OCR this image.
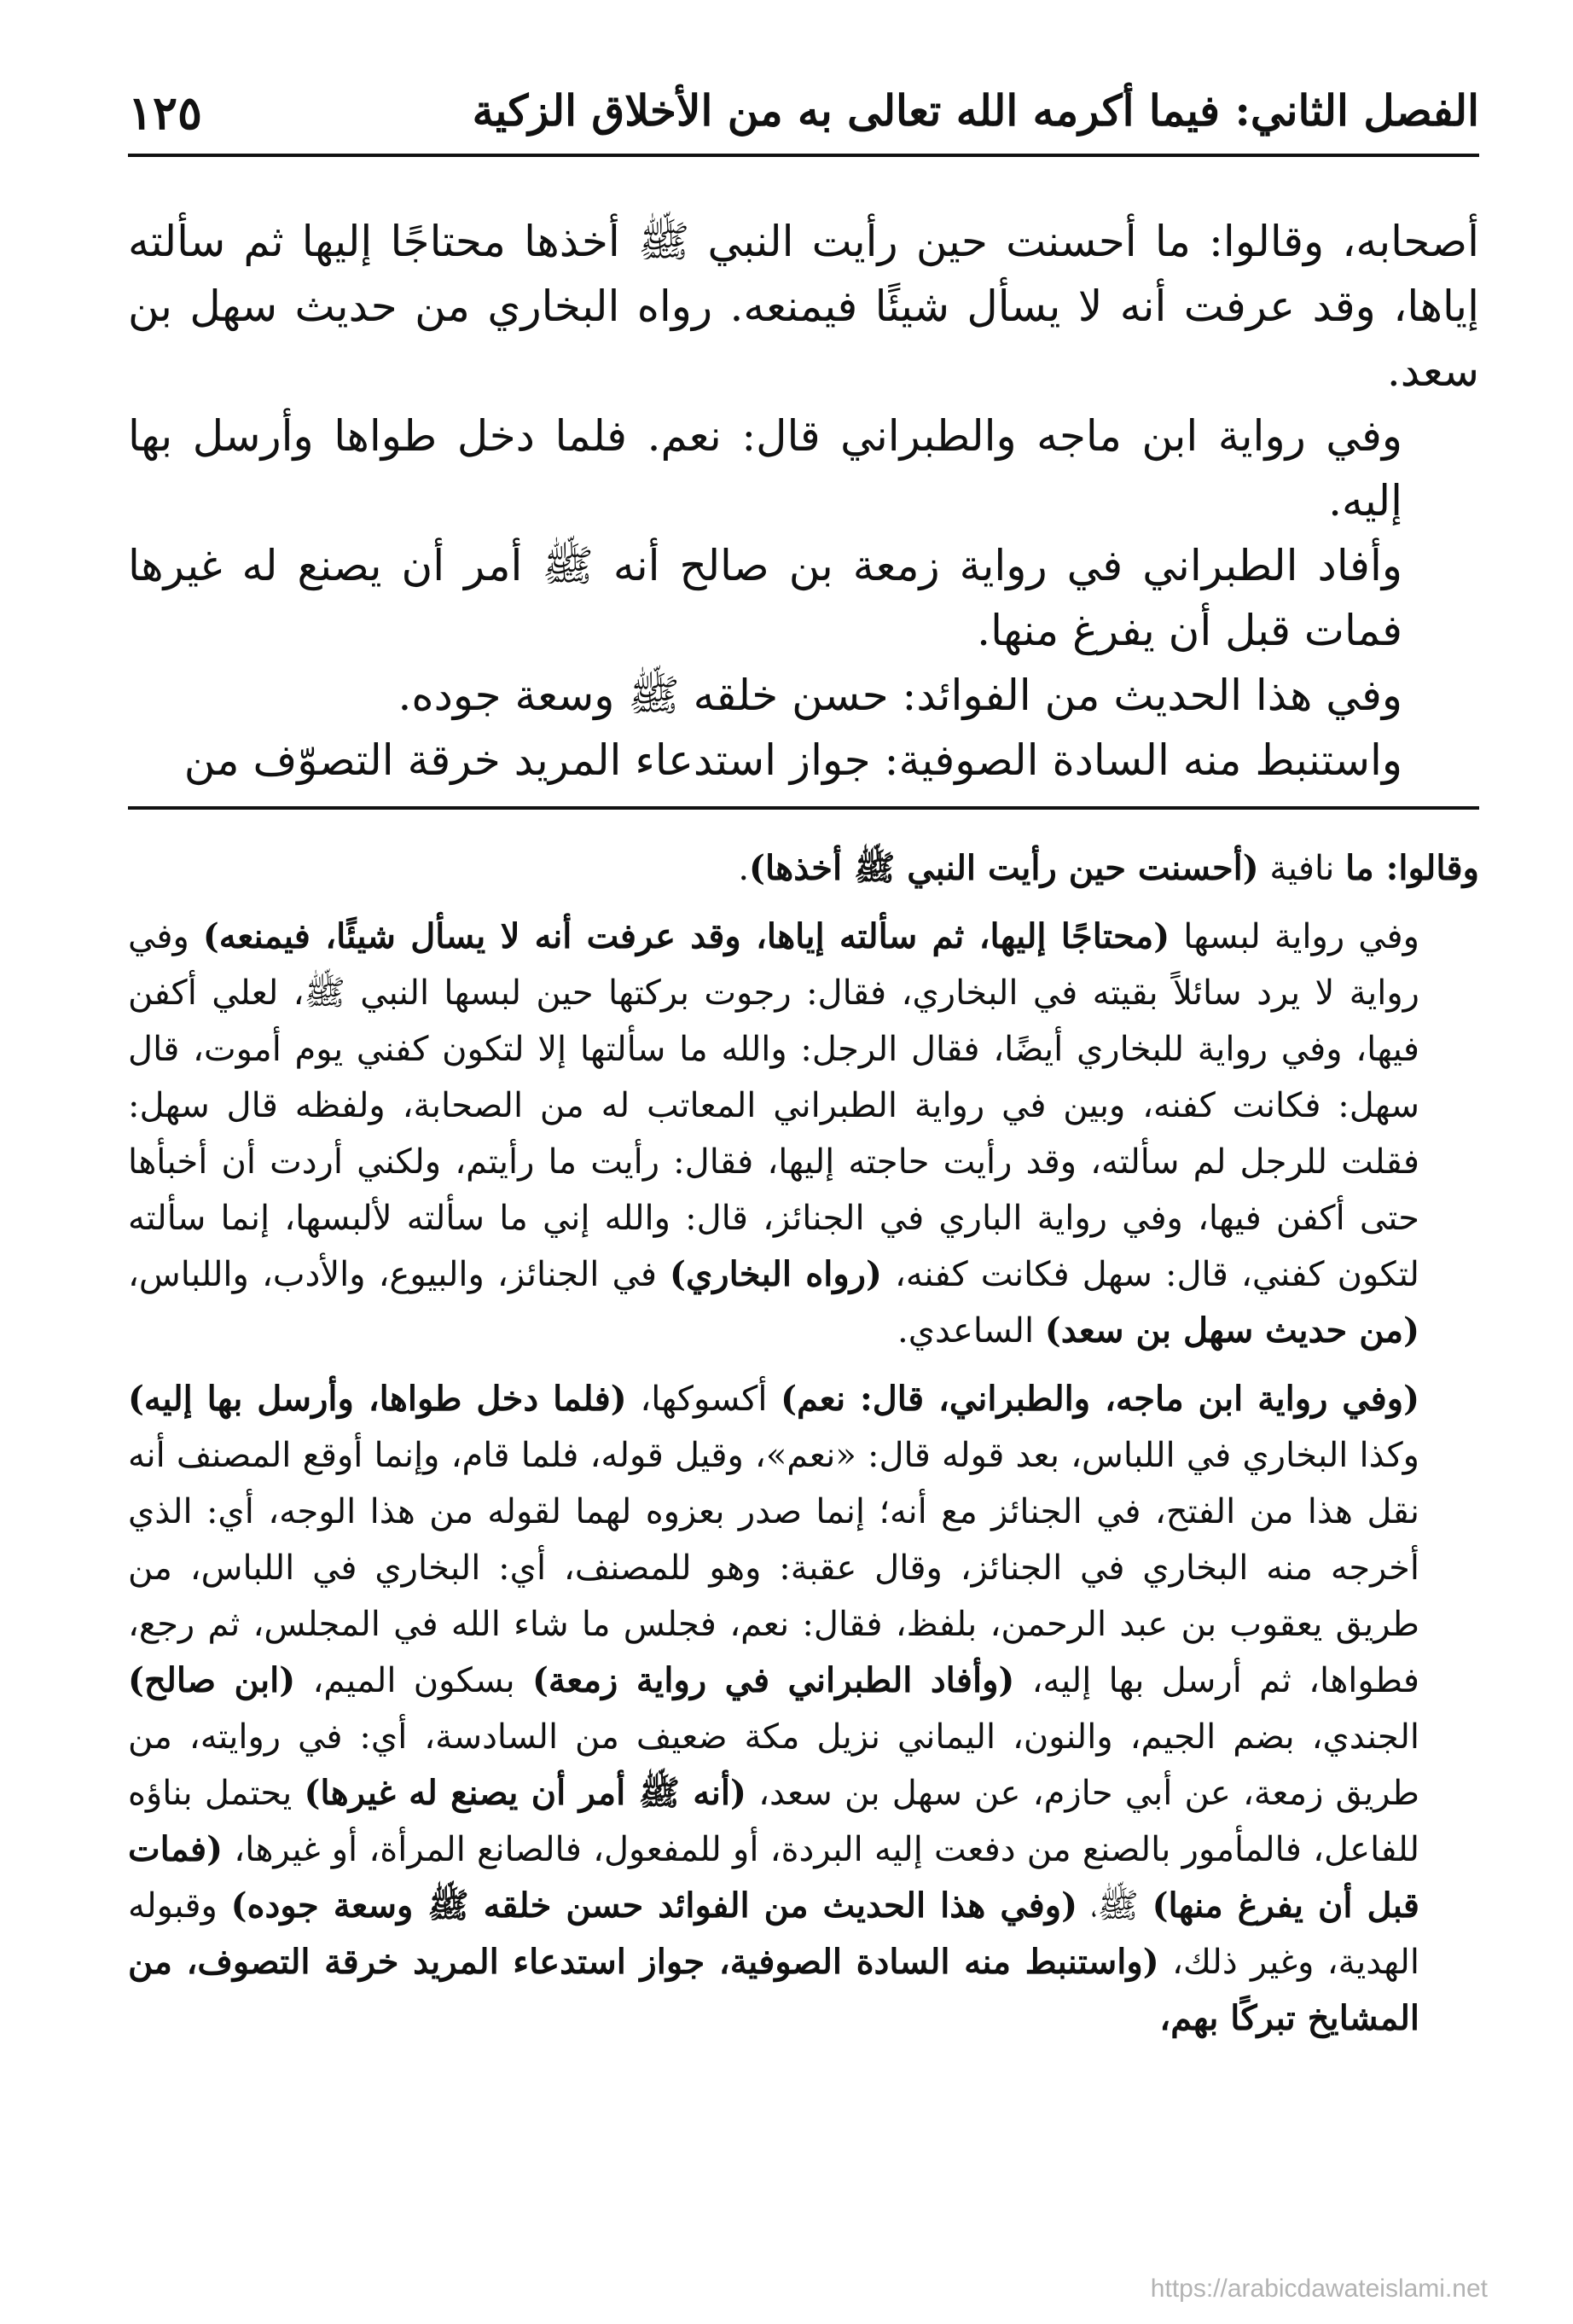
الفصل الثاني: فيما أكرمه الله تعالى به من الأخلاق الزكية
١٢٥

أصحابه، وقالوا: ما أحسنت حين رأيت النبي ﷺ أخذها محتاجًا إليها ثم سألته إياها، وقد عرفت أنه لا يسأل شيئًا فيمنعه. رواه البخاري من حديث سهل بن سعد.

وفي رواية ابن ماجه والطبراني قال: نعم. فلما دخل طواها وأرسل بها إليه.

وأفاد الطبراني في رواية زمعة بن صالح أنه ﷺ أمر أن يصنع له غيرها فمات قبل أن يفرغ منها.

وفي هذا الحديث من الفوائد: حسن خلقه ﷺ وسعة جوده.

واستنبط منه السادة الصوفية: جواز استدعاء المريد خرقة التصوّف من

وقالوا: ما نافية (أحسنت حين رأيت النبي ﷺ أخذها).

وفي رواية لبسها (محتاجًا إليها، ثم سألته إياها، وقد عرفت أنه لا يسأل شيئًا، فيمنعه) وفي رواية لا يرد سائلاً بقيته في البخاري، فقال: رجوت بركتها حين لبسها النبي ﷺ، لعلي أكفن فيها، وفي رواية للبخاري أيضًا، فقال الرجل: والله ما سألتها إلا لتكون كفني يوم أموت، قال سهل: فكانت كفنه، وبين في رواية الطبراني المعاتب له من الصحابة، ولفظه قال سهل: فقلت للرجل لم سألته، وقد رأيت حاجته إليها، فقال: رأيت ما رأيتم، ولكني أردت أن أخبأها حتى أكفن فيها، وفي رواية الباري في الجنائز، قال: والله إني ما سألته لألبسها، إنما سألته لتكون كفني، قال: سهل فكانت كفنه، (رواه البخاري) في الجنائز، والبيوع، والأدب، واللباس، (من حديث سهل بن سعد) الساعدي.

(وفي رواية ابن ماجه، والطبراني، قال: نعم) أكسوكها، (فلما دخل طواها، وأرسل بها إليه) وكذا البخاري في اللباس، بعد قوله قال: «نعم»، وقيل قوله، فلما قام، وإنما أوقع المصنف أنه نقل هذا من الفتح، في الجنائز مع أنه؛ إنما صدر بعزوه لهما لقوله من هذا الوجه، أي: الذي أخرجه منه البخاري في الجنائز، وقال عقبة: وهو للمصنف، أي: البخاري في اللباس، من طريق يعقوب بن عبد الرحمن، بلفظ، فقال: نعم، فجلس ما شاء الله في المجلس، ثم رجع، فطواها، ثم أرسل بها إليه، (وأفاد الطبراني في رواية زمعة) بسكون الميم، (ابن صالح) الجندي، بضم الجيم، والنون، اليماني نزيل مكة ضعيف من السادسة، أي: في روايته، من طريق زمعة، عن أبي حازم، عن سهل بن سعد، (أنه ﷺ أمر أن يصنع له غيرها) يحتمل بناؤه للفاعل، فالمأمور بالصنع من دفعت إليه البردة، أو للمفعول، فالصانع المرأة، أو غيرها، (فمات قبل أن يفرغ منها) ﷺ، (وفي هذا الحديث من الفوائد حسن خلقه ﷺ وسعة جوده) وقبوله الهدية، وغير ذلك، (واستنبط منه السادة الصوفية، جواز استدعاء المريد خرقة التصوف، من المشايخ تبركًا بهم،

https://arabicdawateislami.net
